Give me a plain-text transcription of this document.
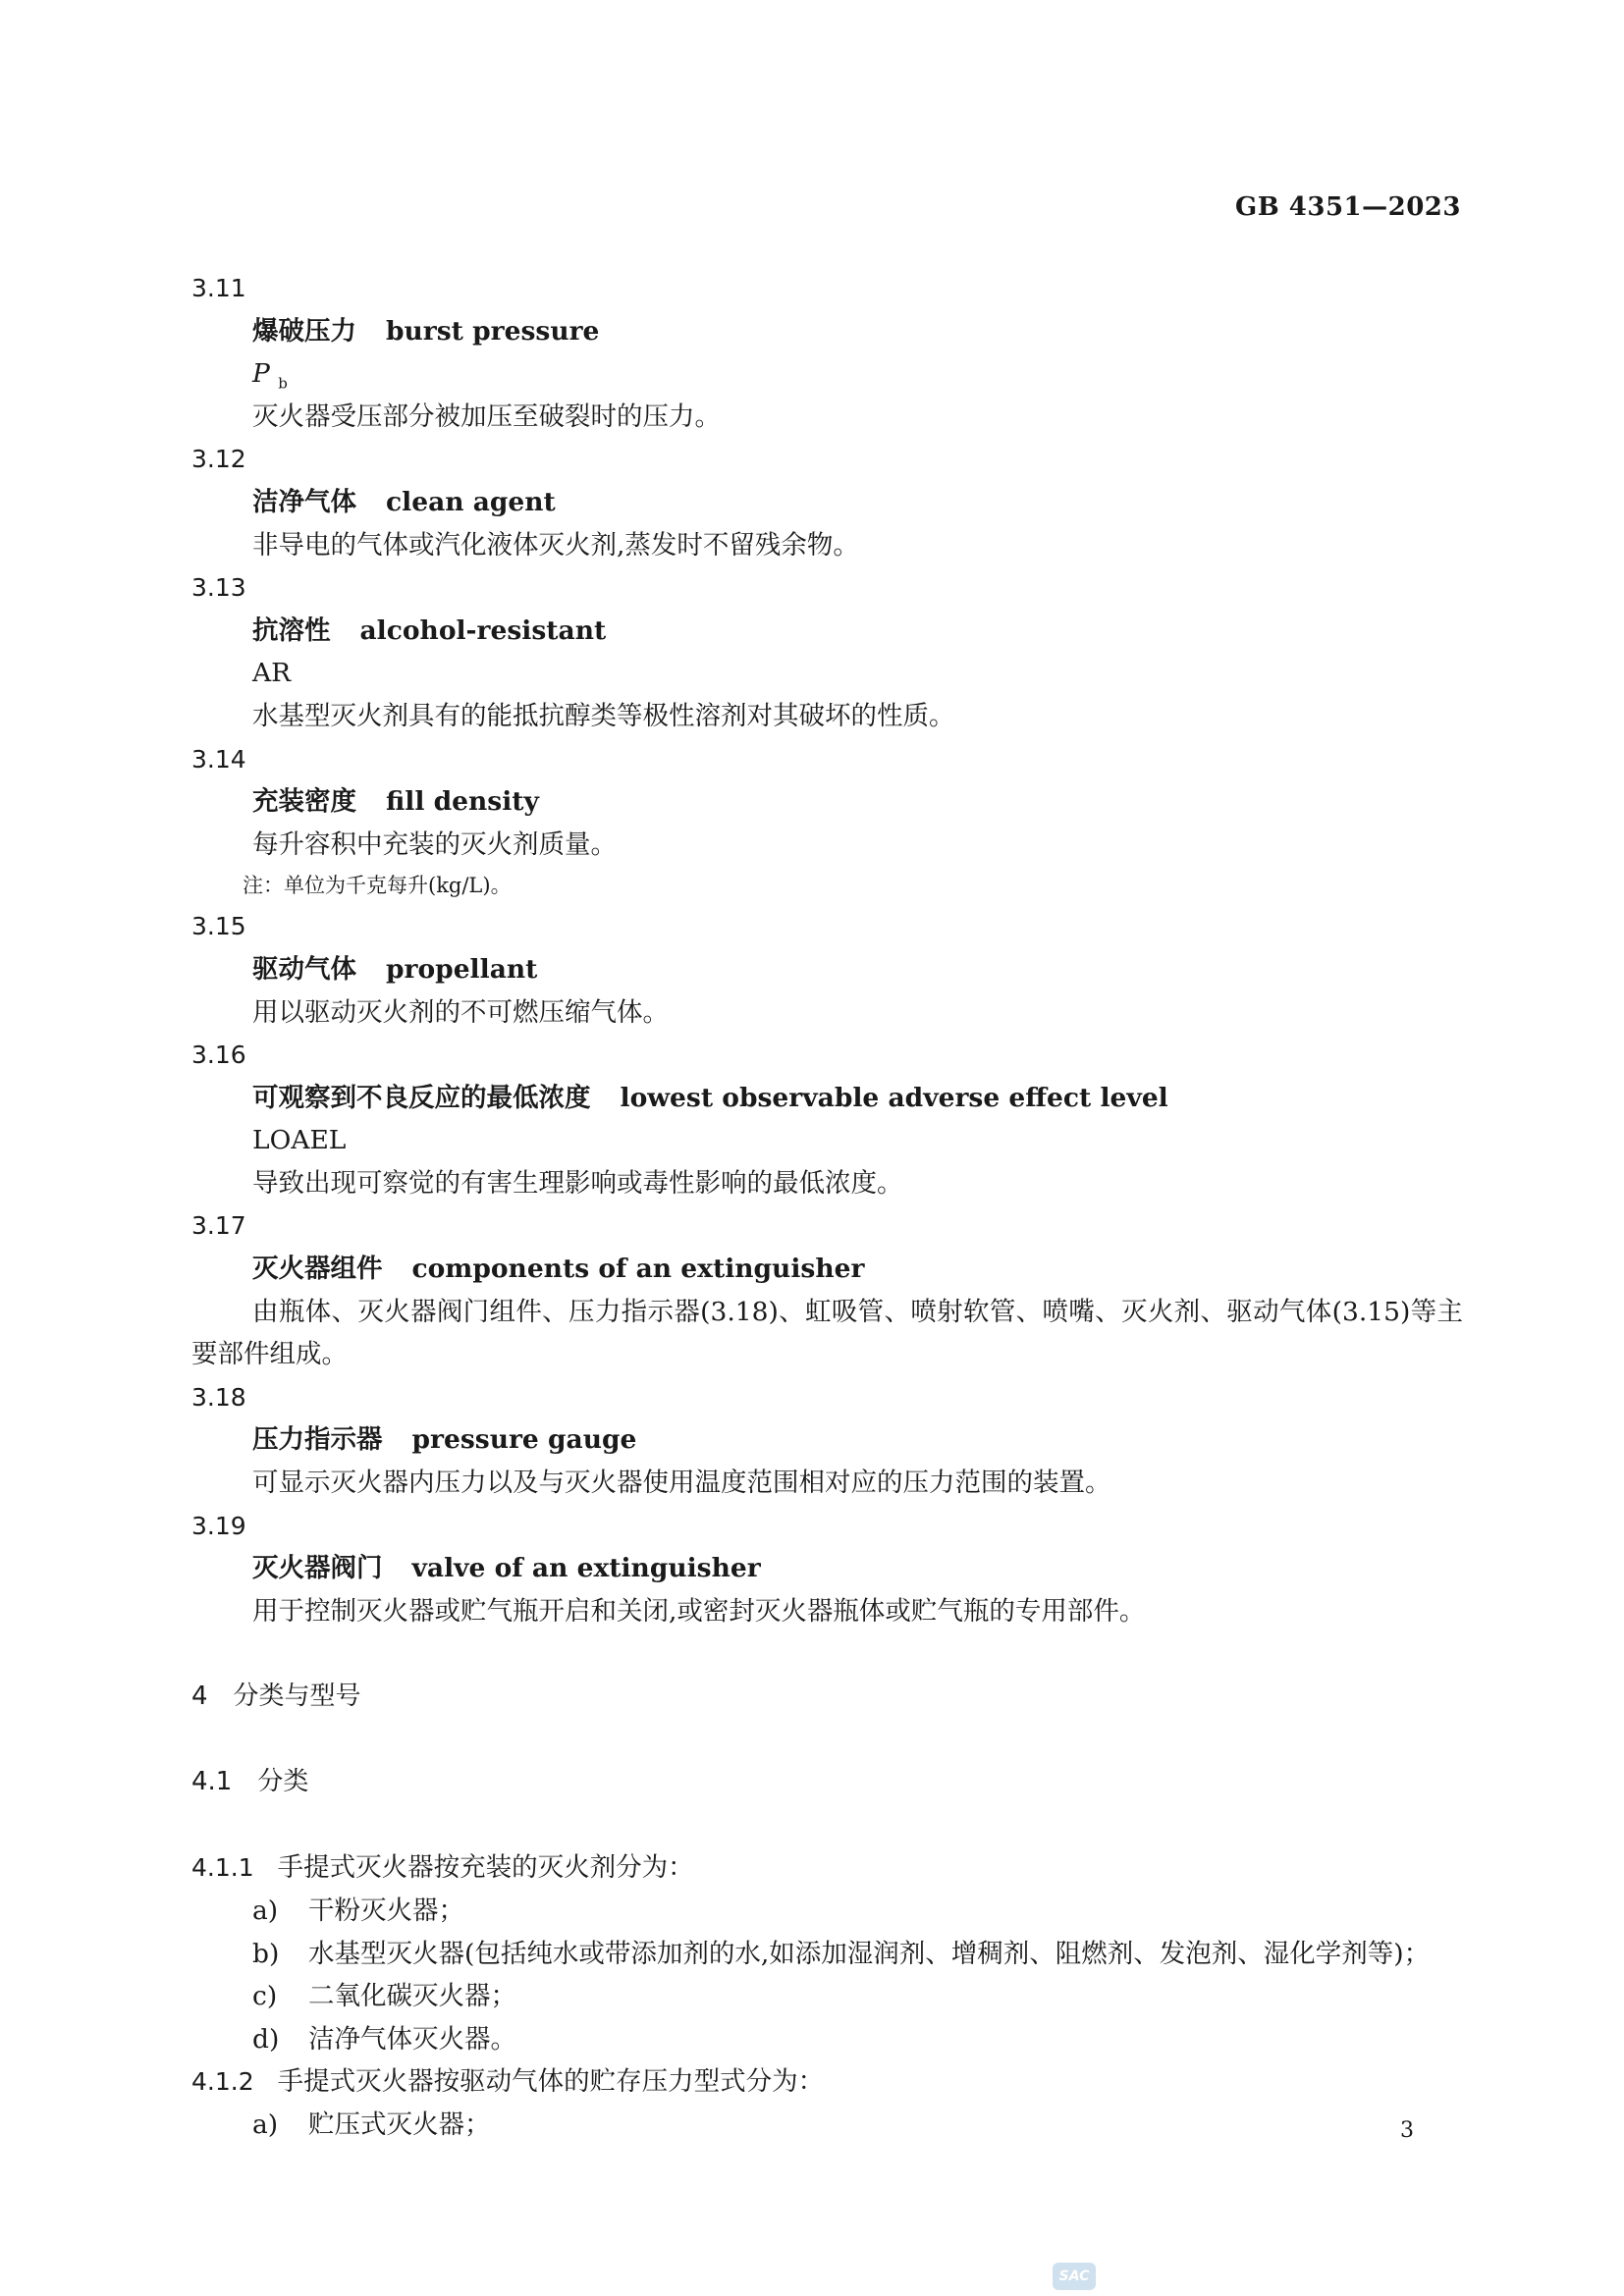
GB 4351—2023
3.11
爆破压力 burst pressure
P $_b$
灭火器受压部分被加压至破裂时的压力。
3.12
洁净气体 clean agent
非导电的气体或汽化液体灭火剂,蒸发时不留残余物。
3.13
抗溶性 alcohol-resistant
AR
水基型灭火剂具有的能抵抗醇类等极性溶剂对其破坏的性质。
3.14
充装密度 fill density
每升容积中充装的灭火剂质量。
注：单位为千克每升(kg/L)。
3.15
驱动气体 propellant
用以驱动灭火剂的不可燃压缩气体。
3.16
可观察到不良反应的最低浓度 lowest observable adverse effect level
LOAEL
导致出现可察觉的有害生理影响或毒性影响的最低浓度。
3.17
灭火器组件 components of an extinguisher
由瓶体、灭火器阀门组件、压力指示器(3.18)、虹吸管、喷射软管、喷嘴、灭火剂、驱动气体(3.15)等主要部件组成。
3.18
压力指示器 pressure gauge
可显示灭火器内压力以及与灭火器使用温度范围相对应的压力范围的装置。
3.19
灭火器阀门 valve of an extinguisher
用于控制灭火器或贮气瓶开启和关闭,或密封灭火器瓶体或贮气瓶的专用部件。
4 分类与型号
4.1 分类
4.1.1 手提式灭火器按充装的灭火剂分为：
a) 干粉灭火器；
b) 水基型灭火器(包括纯水或带添加剂的水,如添加湿润剂、增稠剂、阻燃剂、发泡剂、湿化学剂等)；
c) 二氧化碳灭火器；
d) 洁净气体灭火器。
4.1.2 手提式灭火器按驱动气体的贮存压力型式分为：
a) 贮压式灭火器；	3
SAC
